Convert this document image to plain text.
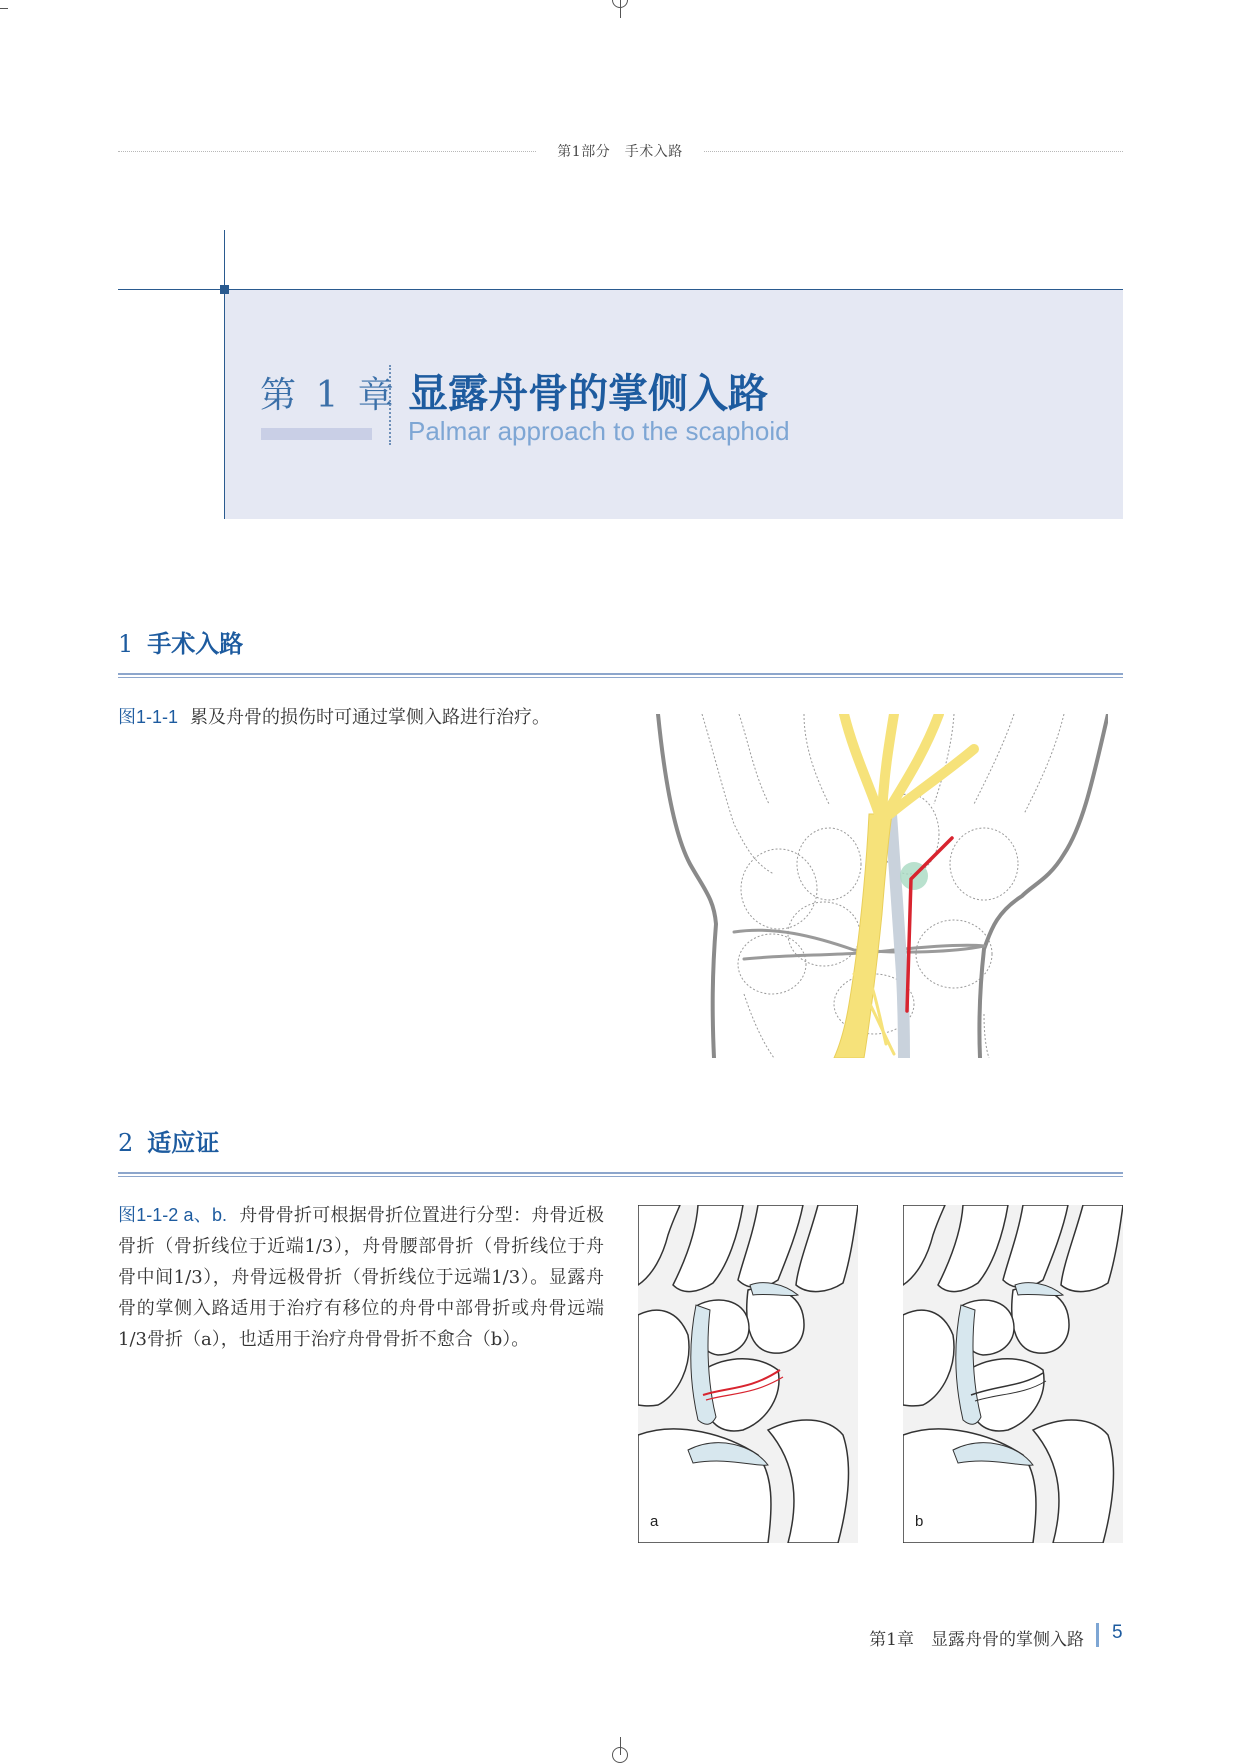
第1部分　手术入路
第 1 章 显露舟骨的掌侧入路
Palmar approach to the scaphoid
1 手术入路
图1-1-1 累及舟骨的损伤时可通过掌侧入路进行治疗。
2 适应证
图1-1-2 a、b. 舟骨骨折可根据骨折位置进行分型：舟骨近极骨折（骨折线位于近端1/3），舟骨腰部骨折（骨折线位于舟骨中间1/3），舟骨远极骨折（骨折线位于远端1/3）。显露舟骨的掌侧入路适用于治疗有移位的舟骨中部骨折或舟骨远端1/3骨折（a），也适用于治疗舟骨骨折不愈合（b）。
a	b
第1章　显露舟骨的掌侧入路 5
